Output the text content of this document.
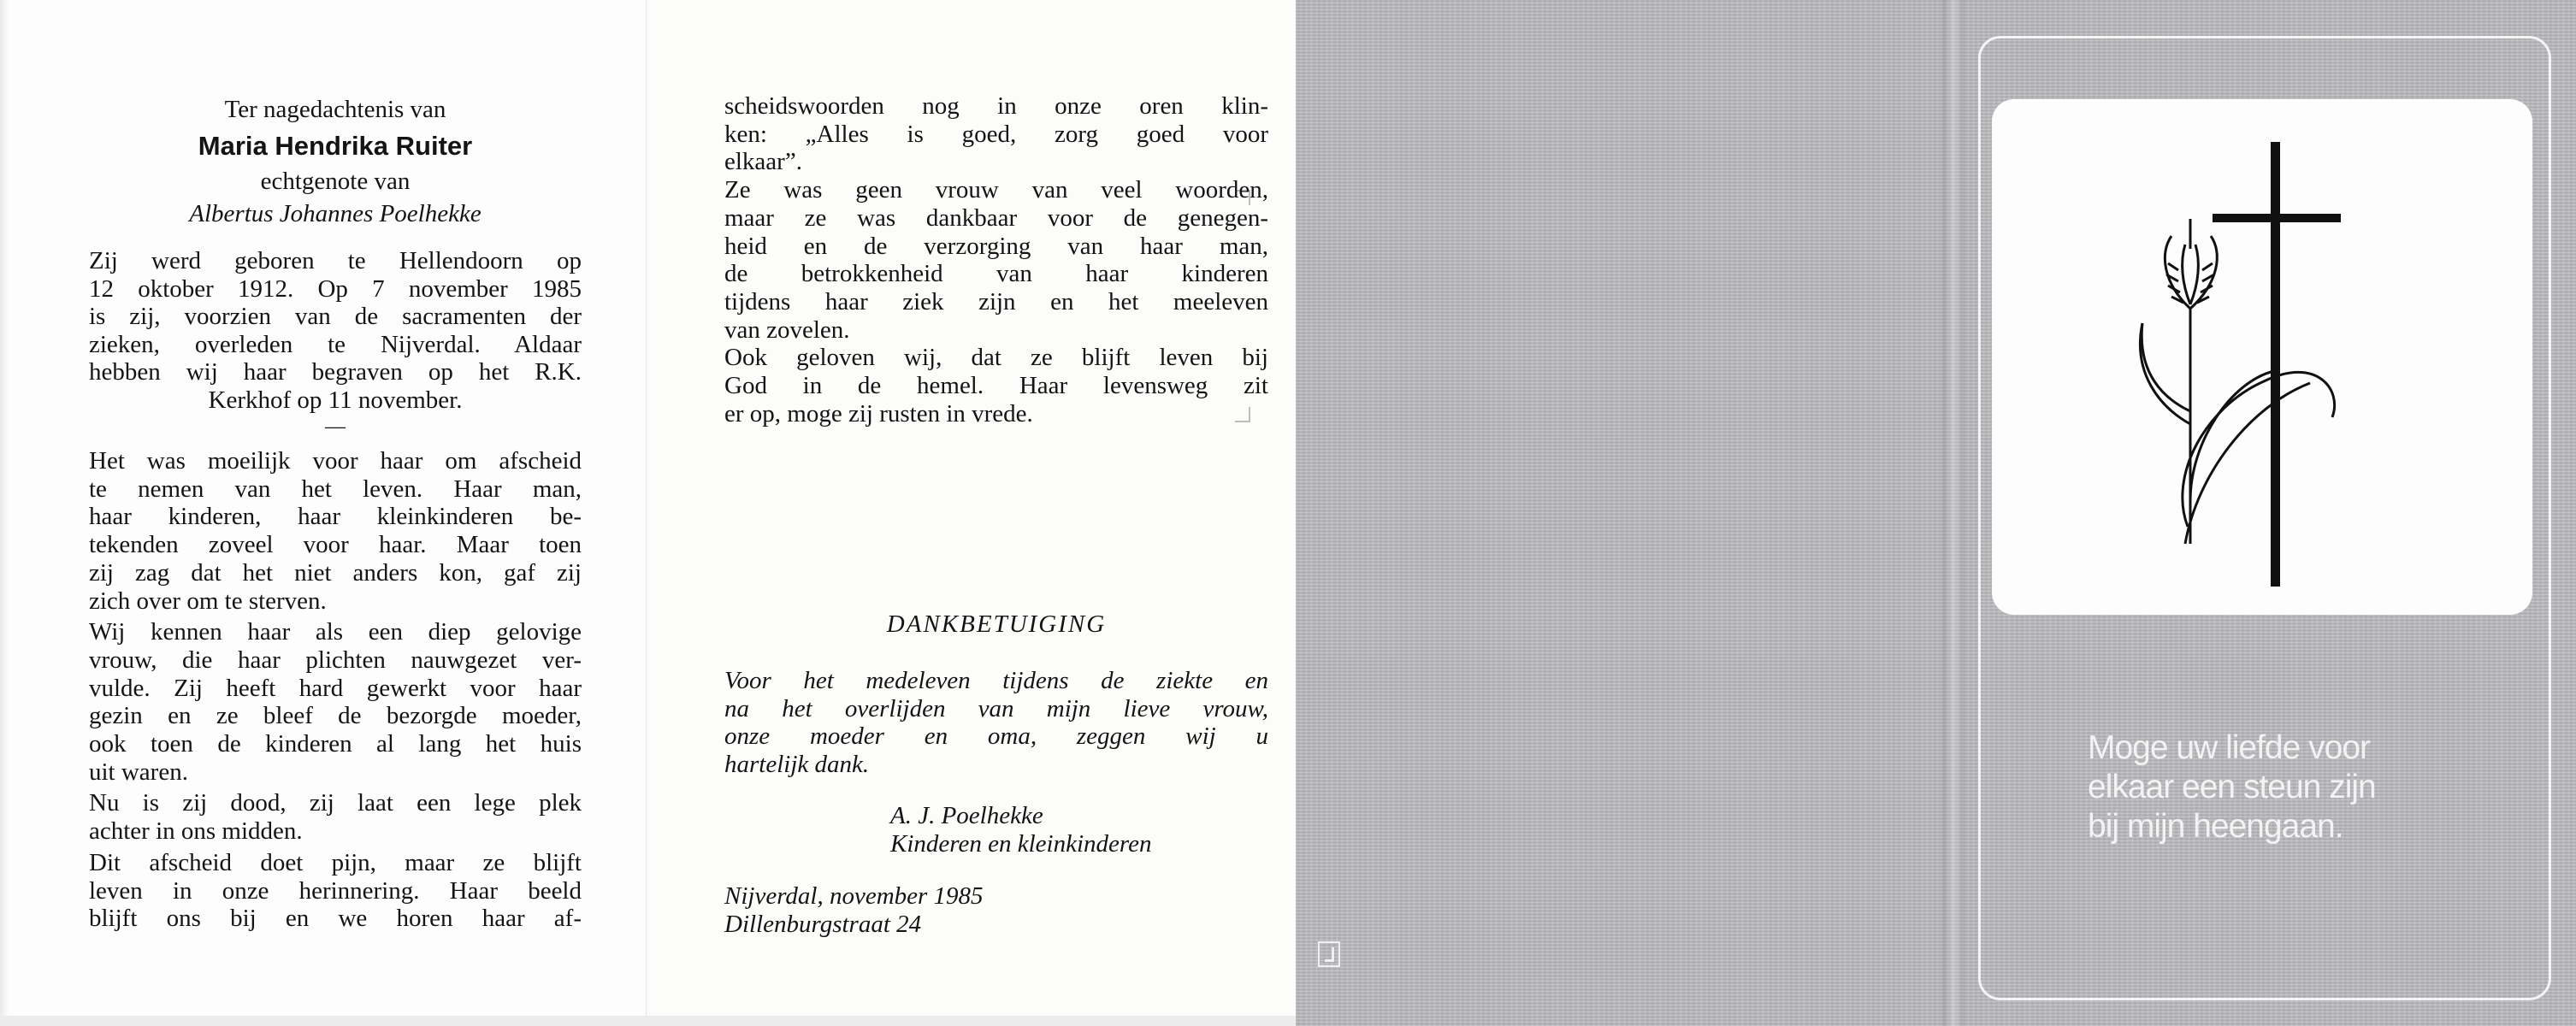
Ter nagedachtenis van
Maria Hendrika Ruiter
echtgenote van
Albertus Johannes Poelhekke
Zij werd geboren te Hellendoorn op
12 oktober 1912. Op 7 november 1985
is zij, voorzien van de sacramenten der
zieken, overleden te Nijverdal. Aldaar
hebben wij haar begraven op het R.K.
Kerkhof op 11 november.
—
Het was moeilijk voor haar om afscheid
te nemen van het leven. Haar man,
haar kinderen, haar kleinkinderen be-
tekenden zoveel voor haar. Maar toen
zij zag dat het niet anders kon, gaf zij
zich over om te sterven.
Wij kennen haar als een diep gelovige
vrouw, die haar plichten nauwgezet ver-
vulde. Zij heeft hard gewerkt voor haar
gezin en ze bleef de bezorgde moeder,
ook toen de kinderen al lang het huis
uit waren.
Nu is zij dood, zij laat een lege plek
achter in ons midden.
Dit afscheid doet pijn, maar ze blijft
leven in onze herinnering. Haar beeld
blijft ons bij en we horen haar af-
scheidswoorden nog in onze oren klin-
ken: „Alles is goed, zorg goed voor
elkaar”.
Ze was geen vrouw van veel woorden,
maar ze was dankbaar voor de genegen-
heid en de verzorging van haar man,
de betrokkenheid van haar kinderen
tijdens haar ziek zijn en het meeleven
van zovelen.
Ook geloven wij, dat ze blijft leven bij
God in de hemel. Haar levensweg zit
er op, moge zij rusten in vrede.
DANKBETUIGING
Voor het medeleven tijdens de ziekte en
na het overlijden van mijn lieve vrouw,
onze moeder en oma, zeggen wij u
hartelijk dank.
A. J. Poelhekke
Kinderen en kleinkinderen
Nijverdal, november 1985
Dillenburgstraat 24
Moge uw liefde voor
elkaar een steun zijn
bij mijn heengaan.
